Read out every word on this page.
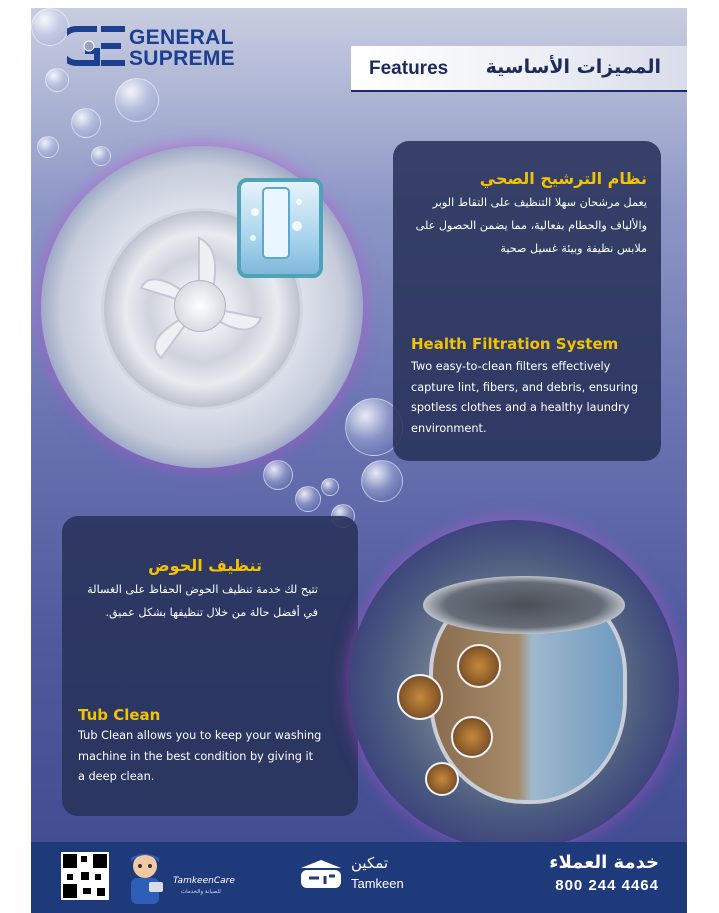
GENERAL
SUPREME	Features المميزات الأساسية
نظام الترشيح الصحي
يعمل مرشحان سهلا التنظيف على التقاط الوبر والألياف والحطام بفعالية، مما يضمن الحصول على ملابس نظيفة وبيئة غسيل صحية
Health Filtration System
Two easy-to-clean filters effectively capture lint, fibers, and debris, ensuring spotless clothes and a healthy laundry environment.
تنظيف الحوض
تتيح لك خدمة تنظيف الحوض الحفاظ على الغسالة في أفضل حالة من خلال تنظيفها بشكل عميق.
Tub Clean
Tub Clean allows you to keep your washing machine in the best condition by giving it a deep clean.
TamkeenCare
للصيانة والخدمات
تمكين
Tamkeen
خدمة العملاء
800 244 4464
